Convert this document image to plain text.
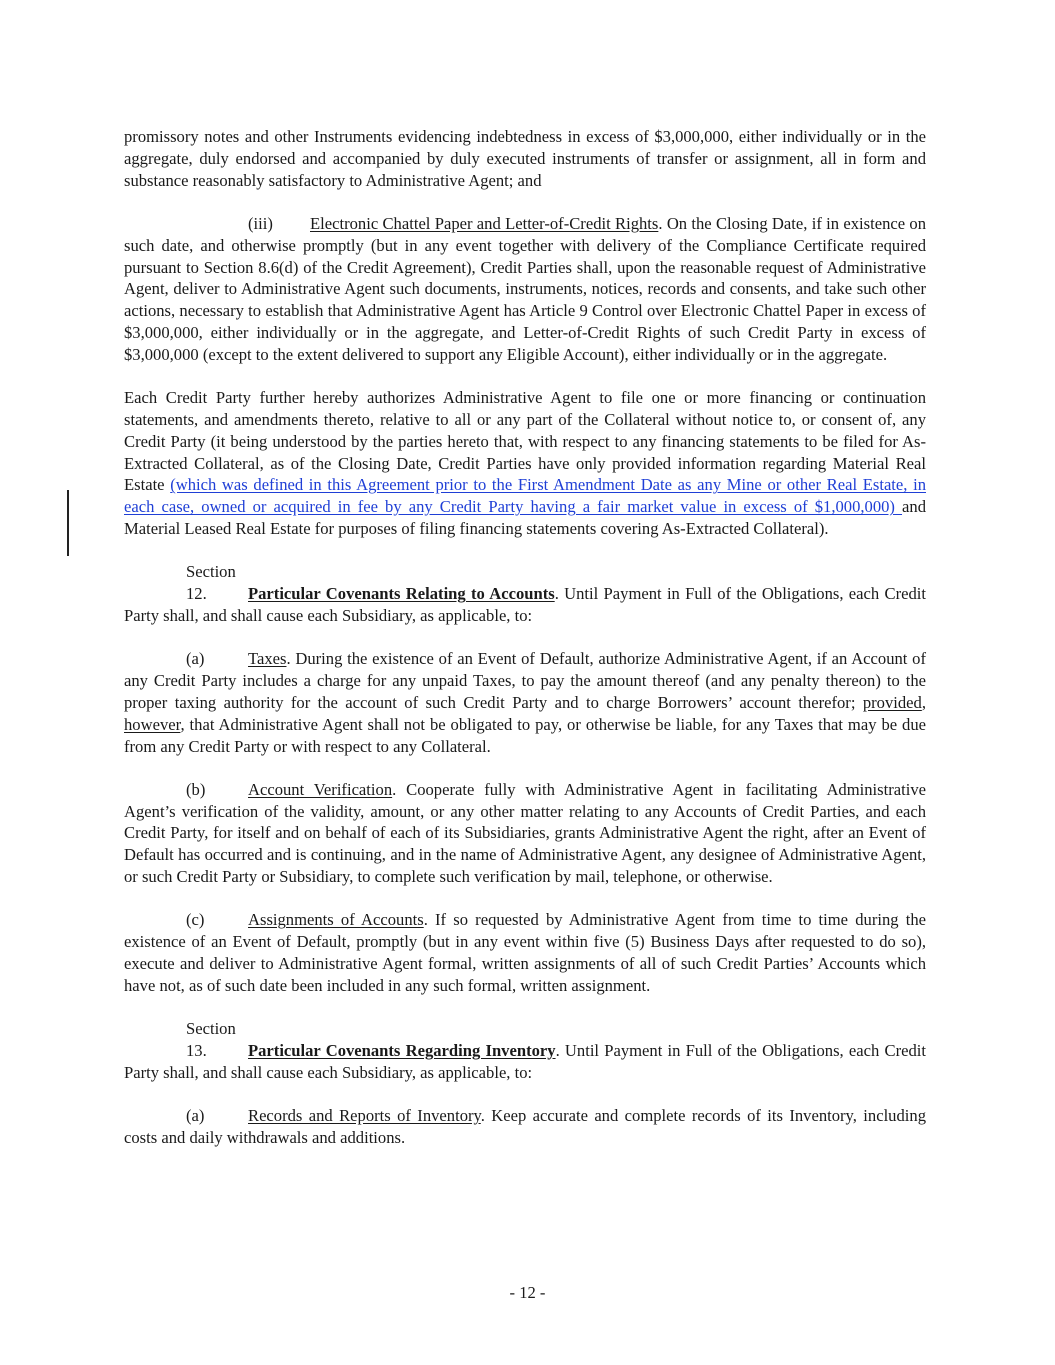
promissory notes and other Instruments evidencing indebtedness in excess of $3,000,000, either individually or in the aggregate, duly endorsed and accompanied by duly executed instruments of transfer or assignment, all in form and substance reasonably satisfactory to Administrative Agent; and

(iii) Electronic Chattel Paper and Letter-of-Credit Rights. On the Closing Date, if in existence on such date, and otherwise promptly (but in any event together with delivery of the Compliance Certificate required pursuant to Section 8.6(d) of the Credit Agreement), Credit Parties shall, upon the reasonable request of Administrative Agent, deliver to Administrative Agent such documents, instruments, notices, records and consents, and take such other actions, necessary to establish that Administrative Agent has Article 9 Control over Electronic Chattel Paper in excess of $3,000,000, either individually or in the aggregate, and Letter-of-Credit Rights of such Credit Party in excess of $3,000,000 (except to the extent delivered to support any Eligible Account), either individually or in the aggregate.

Each Credit Party further hereby authorizes Administrative Agent to file one or more financing or continuation statements, and amendments thereto, relative to all or any part of the Collateral without notice to, or consent of, any Credit Party (it being understood by the parties hereto that, with respect to any financing statements to be filed for As-Extracted Collateral, as of the Closing Date, Credit Parties have only provided information regarding Material Real Estate (which was defined in this Agreement prior to the First Amendment Date as any Mine or other Real Estate, in each case, owned or acquired in fee by any Credit Party having a fair market value in excess of $1,000,000) and Material Leased Real Estate for purposes of filing financing statements covering As-Extracted Collateral).

Section 12. Particular Covenants Relating to Accounts. Until Payment in Full of the Obligations, each Credit Party shall, and shall cause each Subsidiary, as applicable, to:

(a)	Taxes. During the existence of an Event of Default, authorize Administrative Agent, if an Account of any Credit Party includes a charge for any unpaid Taxes, to pay the amount thereof (and any penalty thereon) to the proper taxing authority for the account of such Credit Party and to charge Borrowers’ account therefor; provided, however, that Administrative Agent shall not be obligated to pay, or otherwise be liable, for any Taxes that may be due from any Credit Party or with respect to any Collateral.

(b)	Account Verification. Cooperate fully with Administrative Agent in facilitating Administrative Agent’s verification of the validity, amount, or any other matter relating to any Accounts of Credit Parties, and each Credit Party, for itself and on behalf of each of its Subsidiaries, grants Administrative Agent the right, after an Event of Default has occurred and is continuing, and in the name of Administrative Agent, any designee of Administrative Agent, or such Credit Party or Subsidiary, to complete such verification by mail, telephone, or otherwise.

(c)	Assignments of Accounts. If so requested by Administrative Agent from time to time during the existence of an Event of Default, promptly (but in any event within five (5) Business Days after requested to do so), execute and deliver to Administrative Agent formal, written assignments of all of such Credit Parties’ Accounts which have not, as of such date been included in any such formal, written assignment.

Section 13. Particular Covenants Regarding Inventory. Until Payment in Full of the Obligations, each Credit Party shall, and shall cause each Subsidiary, as applicable, to:

(a)	Records and Reports of Inventory. Keep accurate and complete records of its Inventory, including costs and daily withdrawals and additions.

- 12 -
